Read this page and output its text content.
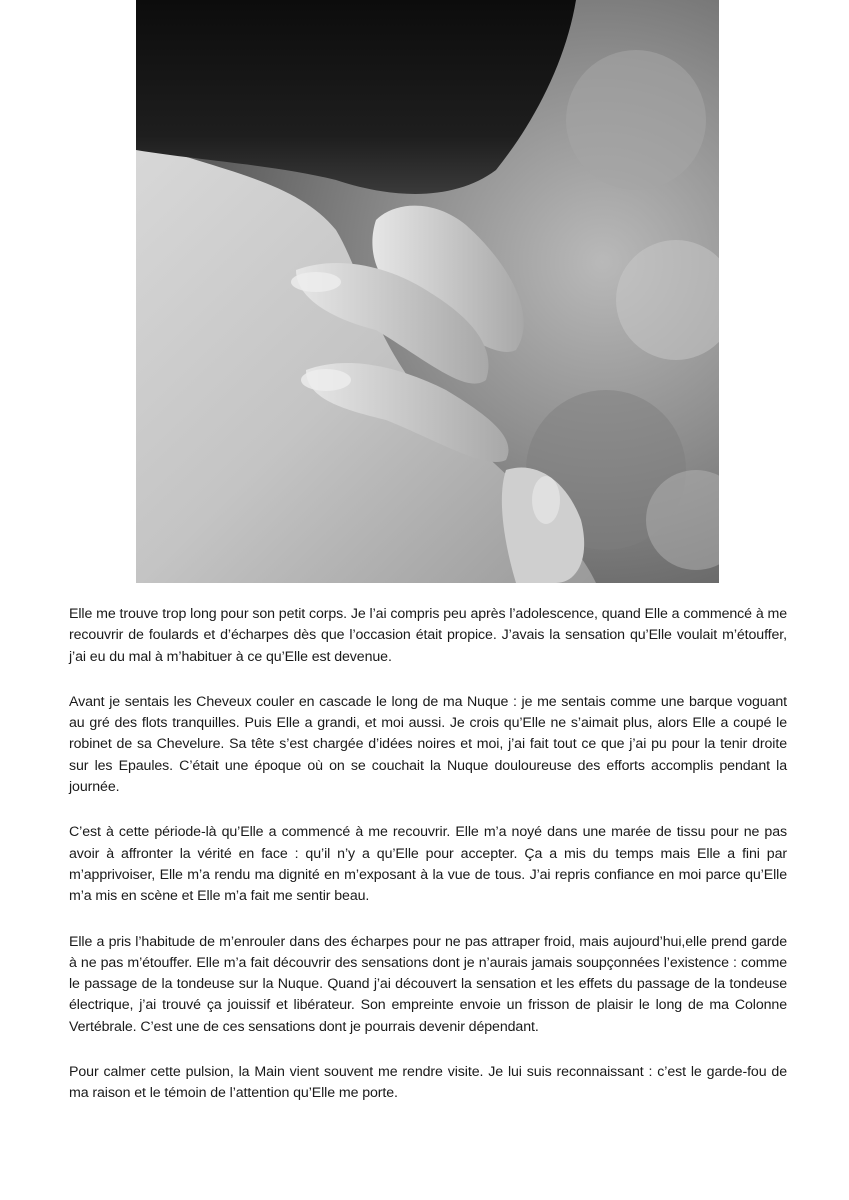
Elle me trouve trop long pour son petit corps. Je l’ai compris peu après l’adolescence, quand Elle a commencé à me recouvrir de foulards et d’écharpes dès que l’occasion était propice. J’avais la sensation qu’Elle voulait m’étouffer, j’ai eu du mal à m’habituer à ce qu’Elle est devenue.

Avant je sentais les Cheveux couler en cascade le long de ma Nuque : je me sentais comme une barque voguant au gré des flots tranquilles. Puis Elle a grandi, et moi aussi. Je crois qu’Elle ne s’aimait plus, alors Elle a coupé le robinet de sa Chevelure. Sa tête s’est chargée d’idées noires et moi, j’ai fait tout ce que j’ai pu pour la tenir droite sur les Epaules. C’était une époque où on se couchait la Nuque douloureuse des efforts accomplis pendant la journée.

C’est à cette période-là qu’Elle a commencé à me recouvrir. Elle m’a noyé dans une marée de tissu pour ne pas avoir à affronter la vérité en face : qu’il n’y a qu’Elle pour accepter. Ça a mis du temps mais Elle a fini par m’apprivoiser, Elle m’a rendu ma dignité en m’exposant à la vue de tous. J’ai repris confiance en moi parce qu’Elle m’a mis en scène et Elle m’a fait me sentir beau.

Elle a pris l’habitude de m’enrouler dans des écharpes pour ne pas attraper froid, mais aujourd’hui,elle prend garde à ne pas m’étouffer. Elle m’a fait découvrir des sensations dont je n’aurais jamais soupçonnées l’existence : comme le passage de la tondeuse sur la Nuque. Quand j’ai découvert la sensation et les effets du passage de la tondeuse électrique, j’ai trouvé ça jouissif et libérateur. Son empreinte envoie un frisson de plaisir le long de ma Colonne Vertébrale. C’est une de ces sensations dont je pourrais devenir dépendant.

Pour calmer cette pulsion, la Main vient souvent me rendre visite. Je lui suis reconnaissant : c’est le garde-fou de ma raison et le témoin de l’attention qu’Elle me porte.
